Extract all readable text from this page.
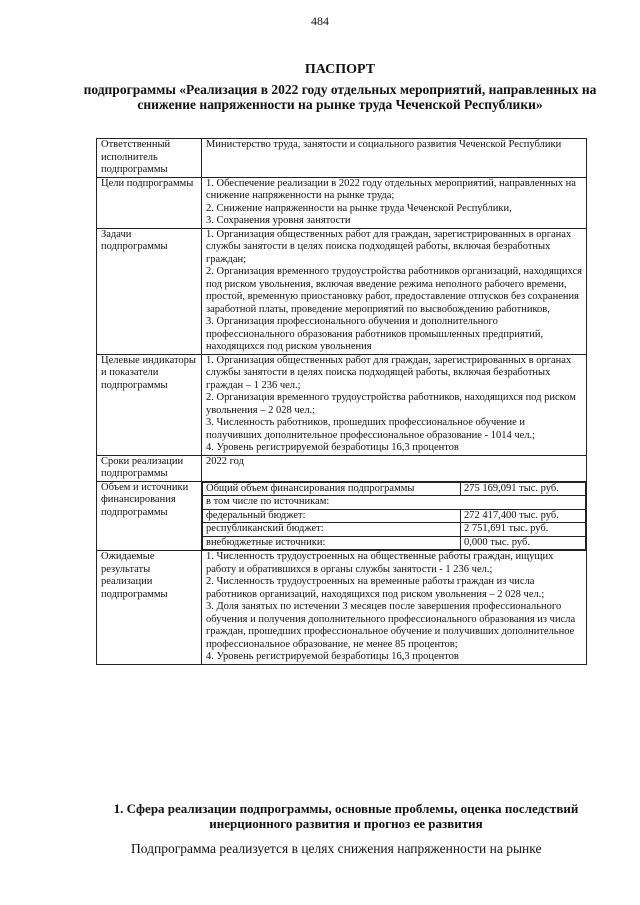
484
ПАСПОРТ
подпрограммы «Реализация в 2022 году отдельных мероприятий, направленных на снижение напряженности на рынке труда Чеченской Республики»
Ответственный исполнитель подпрограммы	Министерство труда, занятости и социального развития Чеченской Республики
Цели подпрограммы	1. Обеспечение реализации в 2022 году отдельных мероприятий, направленных на снижение напряженности на рынке труда;
2. Снижение напряженности на рынке труда Чеченской Республики,
3. Сохранения уровня занятости
Задачи подпрограммы	1. Организация общественных работ для граждан, зарегистрированных в органах службы занятости в целях поиска подходящей работы, включая безработных граждан;
2. Организация временного трудоустройства работников организаций, находящихся под риском увольнения, включая введение режима неполного рабочего времени, простой, временную приостановку работ, предоставление отпусков без сохранения заработной платы, проведение мероприятий по высвобождению работников,
3. Организация профессионального обучения и дополнительного профессионального образования работников промышленных предприятий, находящихся под риском увольнения
Целевые индикаторы и показатели подпрограммы	1. Организация общественных работ для граждан, зарегистрированных в органах службы занятости в целях поиска подходящей работы, включая безработных граждан – 1 236 чел.;
2. Организация временного трудоустройства работников, находящихся под риском увольнения – 2 028 чел.;
3. Численность работников, прошедших профессиональное обучение и получивших дополнительное профессиональное образование - 1014 чел.;
4. Уровень регистрируемой безработицы 16,3 процентов
Сроки реализации подпрограммы	2022 год
Объем и источники финансирования подпрограммы	
Общий объем финансирования подпрограммы	275 169,091 тыс. руб.
в том числе по источникам:
федеральный бюджет:	272 417,400 тыс. руб.
республиканский бюджет:	2 751,691 тыс. руб.
внебюджетные источники:	0,000 тыс. руб.

Ожидаемые результаты реализации подпрограммы	1. Численность трудоустроенных на общественные работы граждан, ищущих работу и обратившихся в органы службы занятости - 1 236 чел.;
2. Численность трудоустроенных на временные работы граждан из числа работников организаций, находящихся под риском увольнения – 2 028 чел.;
3. Доля занятых по истечении 3 месяцев после завершения профессионального обучения и получения дополнительного профессионального образования из числа граждан, прошедших профессиональное обучение и получивших дополнительное профессиональное образование, не менее 85 процентов;
4. Уровень регистрируемой безработицы 16,3 процентов
1. Сфера реализации подпрограммы, основные проблемы, оценка последствий инерционного развития и прогноз ее развития
Подпрограмма реализуется в целях снижения напряженности на рынке
